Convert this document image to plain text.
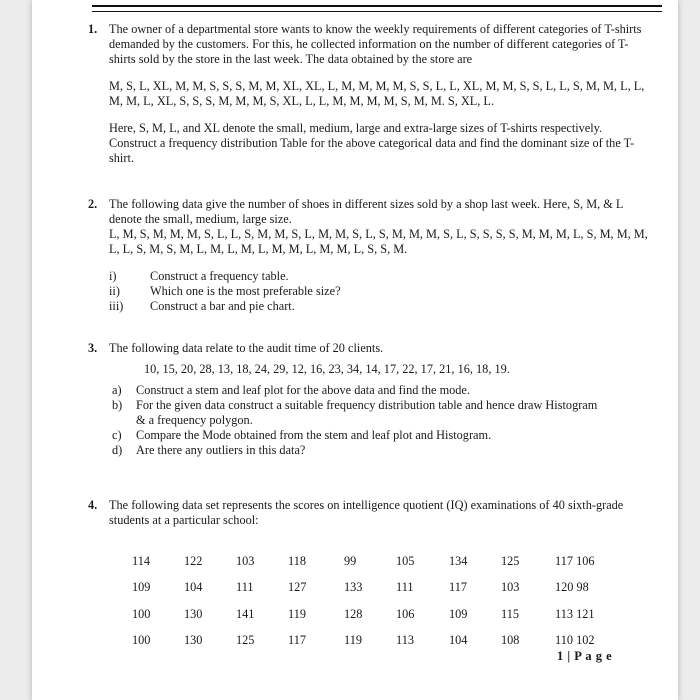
1. The owner of a departmental store wants to know the weekly requirements of different categories of T-shirts demanded by the customers. For this, he collected information on the number of different categories of T-shirts sold by the store in the last week. The data obtained by the store are

M, S, L, XL, M, M, S, S, S, M, M, XL, XL, L, M, M, M, M, S, S, L, L, XL, M, M, S, S, L, L, S, M, M, L, L, M, M, L, XL, S, S, S, M, M, M, S, XL, L, L, M, M, M, M, S, M, M. S, XL, L.

Here, S, M, L, and XL denote the small, medium, large and extra-large sizes of T-shirts respectively. Construct a frequency distribution Table for the above categorical data and find the dominant size of the T-shirt.

2. The following data give the number of shoes in different sizes sold by a shop last week. Here, S, M, & L denote the small, medium, large size.

L, M, S, M, M, M, S, L, L, S, M, M, S, L, M, M, S, L, S, M, M, M, S, L, S, S, S, S, M, M, M, L, S, M, M, M, L, L, S, M, S, M, L, M, L, M, L, M, M, L, M, M, L, S, S, M.

i)	Construct a frequency table.
ii) Which one is the most preferable size?
iii) Construct a bar and pie chart.
3. The following data relate to the audit time of 20 clients.

10, 15, 20, 28, 13, 18, 24, 29, 12, 16, 23, 34, 14, 17, 22, 17, 21, 16, 18, 19.
a) Construct a stem and leaf plot for the above data and find the mode.
b) For the given data construct a suitable frequency distribution table and hence draw Histogram & a frequency polygon.
c) Compare the Mode obtained from the stem and leaf plot and Histogram.
d) Are there any outliers in this data?
4. The following data set represents the scores on intelligence quotient (IQ) examinations of 40 sixth-grade students at a particular school:

114	122	103	118	99	105	134	125	117 106
109	104	111	127	133	111	117	103	120 98
100	130	141	119	128	106	109	115	113 121
100	130	125	117	119	113	104	108	110 102
1 | P a g e
